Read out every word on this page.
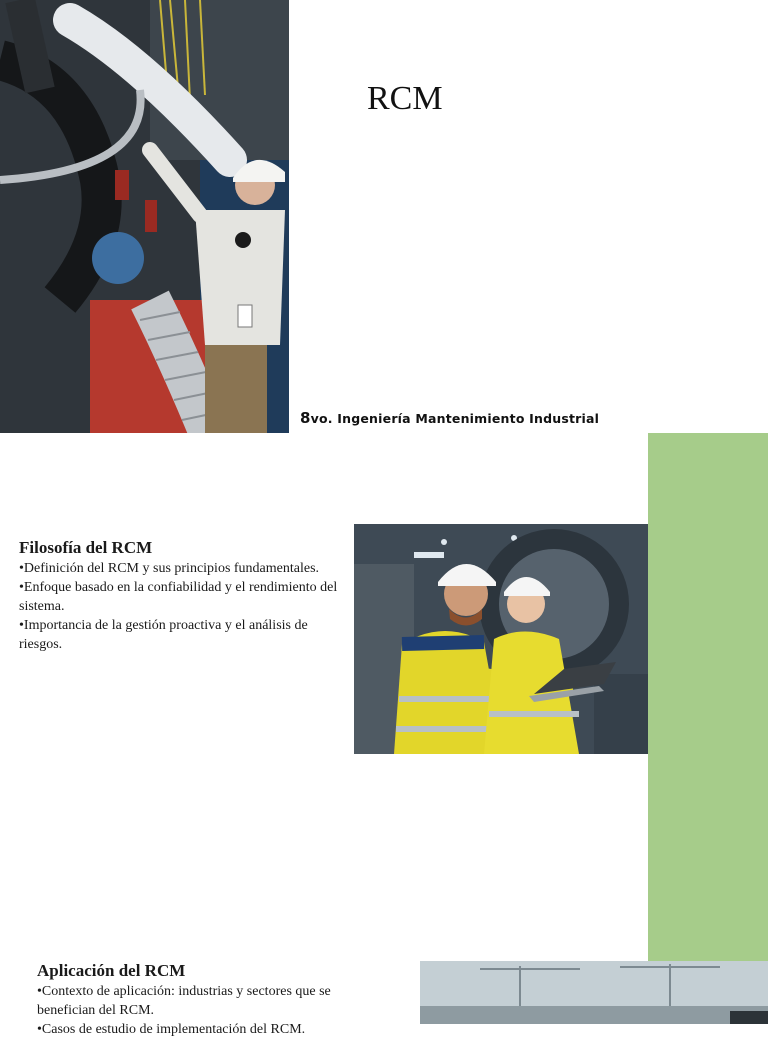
RCM
8vo. Ingeniería Mantenimiento Industrial
Filosofía del RCM
•Definición del RCM y sus principios fundamentales.
•Enfoque basado en la confiabilidad y el rendimiento del sistema.
•Importancia de la gestión proactiva y el análisis de riesgos.
Aplicación del RCM
•Contexto de aplicación: industrias y sectores que se benefician del RCM.
•Casos de estudio de implementación del RCM.
